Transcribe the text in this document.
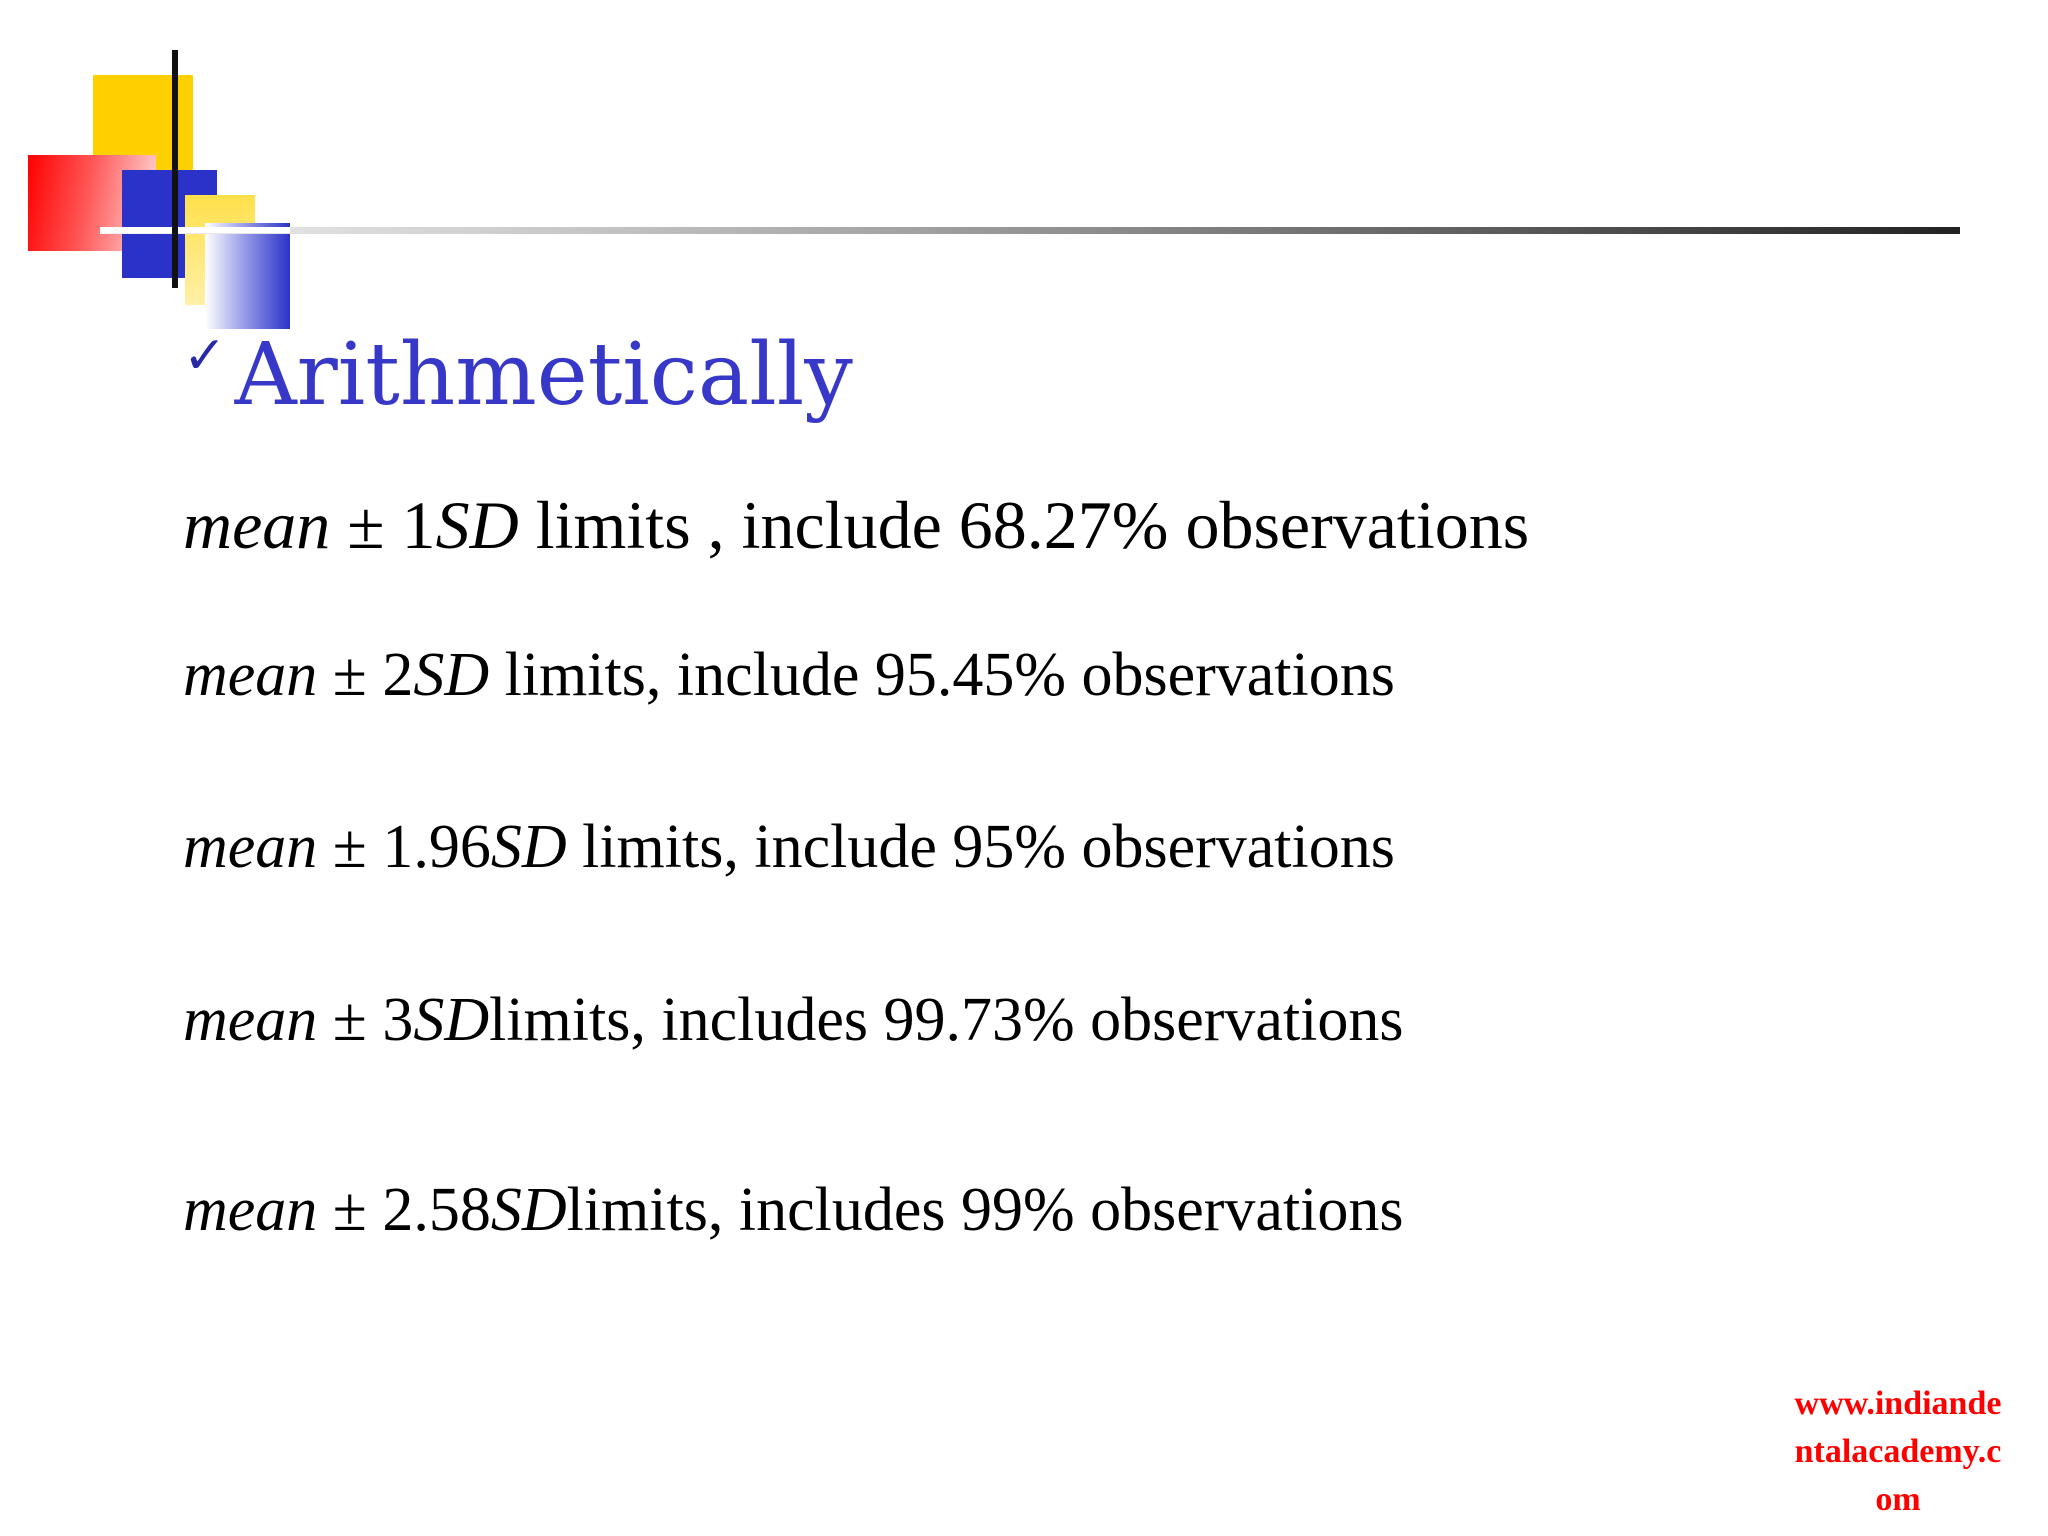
✓ Arithmetically
mean ± 1SD limits , include 68.27% observations
mean ± 2SD limits, include 95.45% observations
mean ± 1.96SD limits, include 95% observations
mean ± 3SDlimits, includes 99.73% observations
mean ± 2.58SDlimits, includes 99% observations
www.indiande
ntalacademy.c
om
